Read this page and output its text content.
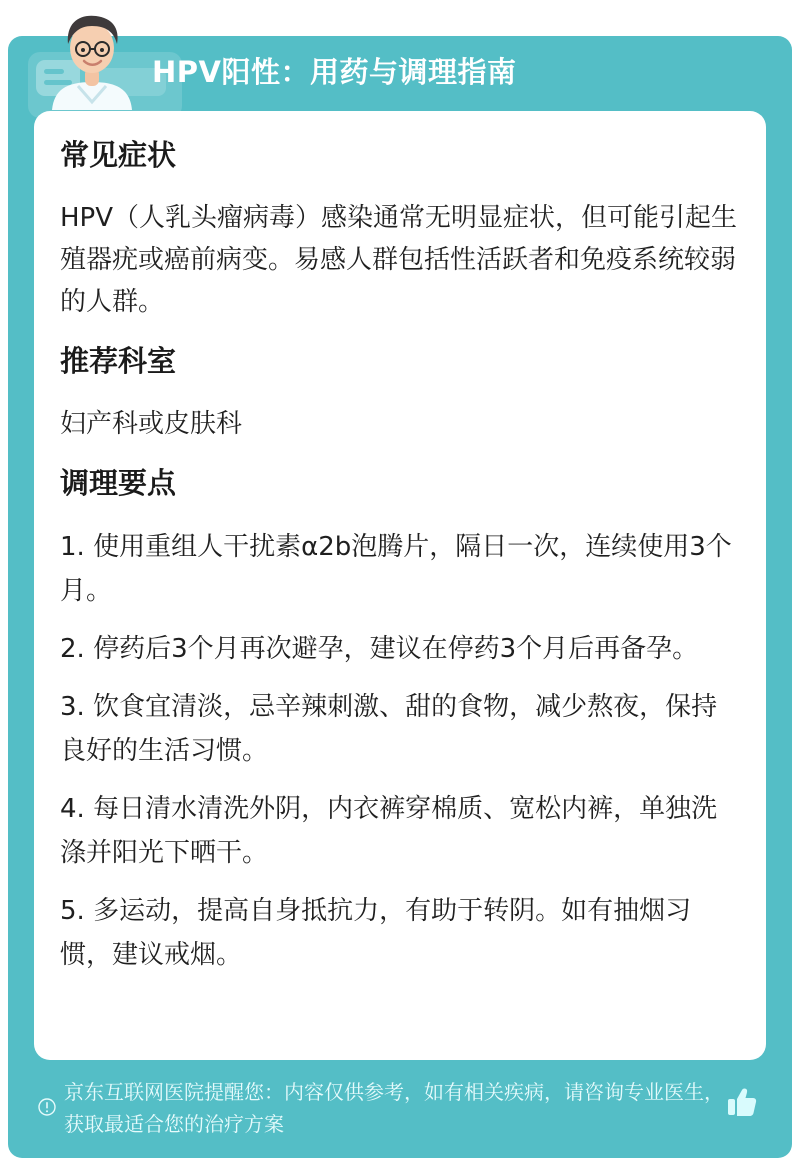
HPV阳性：用药与调理指南
常见症状
HPV（人乳头瘤病毒）感染通常无明显症状，但可能引起生殖器疣或癌前病变。易感人群包括性活跃者和免疫系统较弱的人群。
推荐科室
妇产科或皮肤科
调理要点
1. 使用重组人干扰素α2b泡腾片，隔日一次，连续使用3个月。
2. 停药后3个月再次避孕，建议在停药3个月后再备孕。
3. 饮食宜清淡，忌辛辣刺激、甜的食物，减少熬夜，保持良好的生活习惯。
4. 每日清水清洗外阴，内衣裤穿棉质、宽松内裤，单独洗涤并阳光下晒干。
5. 多运动，提高自身抵抗力，有助于转阴。如有抽烟习惯，建议戒烟。
京东互联网医院提醒您：内容仅供参考，如有相关疾病，请咨询专业医生，获取最适合您的治疗方案
